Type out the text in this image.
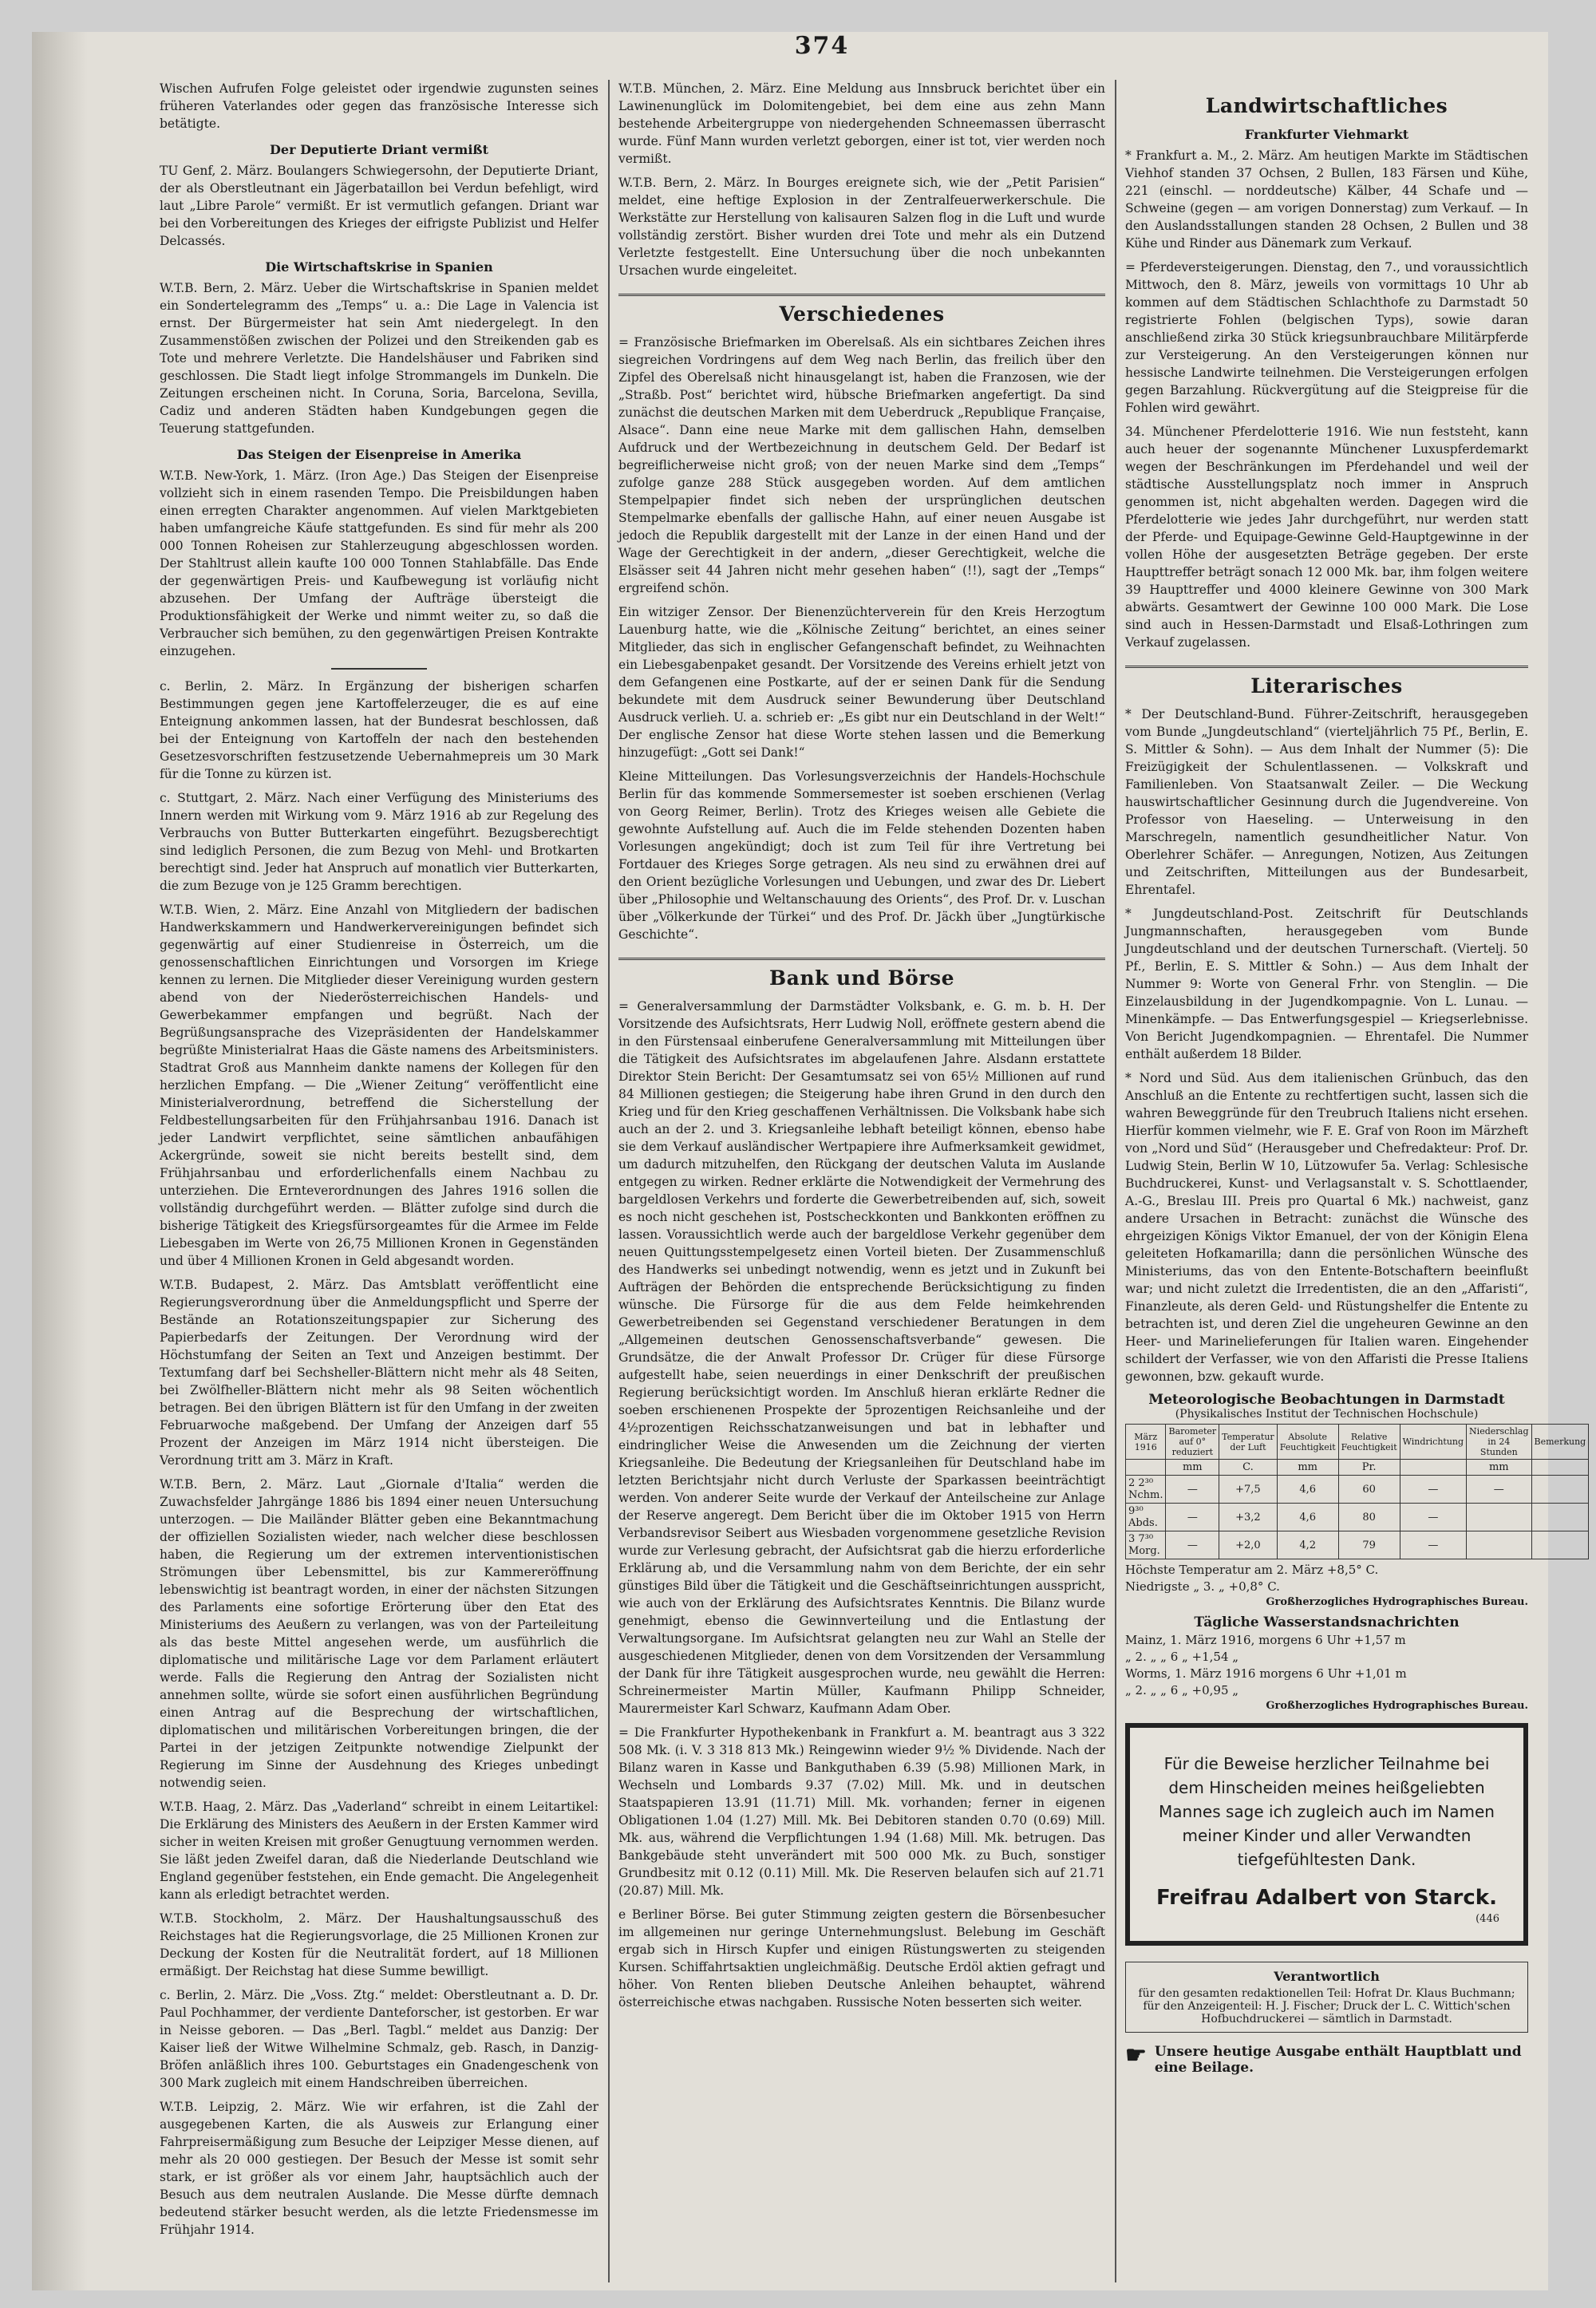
374

Wischen Aufrufen Folge geleistet oder irgendwie zugunsten seines früheren Vaterlandes oder gegen das französische Interesse sich betätigte.

Der Deputierte Driant vermißt

TU Genf, 2. März. Boulangers Schwiegersohn, der Deputierte Driant, der als Oberstleutnant ein Jägerbataillon bei Verdun befehligt, wird laut „Libre Parole“ vermißt. Er ist vermutlich gefangen. Driant war bei den Vorbereitungen des Krieges der eifrigste Publizist und Helfer Delcassés.

Die Wirtschaftskrise in Spanien

W.T.B. Bern, 2. März. Ueber die Wirtschaftskrise in Spanien meldet ein Sondertelegramm des „Temps“ u. a.: Die Lage in Valencia ist ernst. Der Bürgermeister hat sein Amt niedergelegt. In den Zusammenstößen zwischen der Polizei und den Streikenden gab es Tote und mehrere Verletzte. Die Handelshäuser und Fabriken sind geschlossen. Die Stadt liegt infolge Strommangels im Dunkeln. Die Zeitungen erscheinen nicht. In Coruna, Soria, Barcelona, Sevilla, Cadiz und anderen Städten haben Kundgebungen gegen die Teuerung stattgefunden.

Das Steigen der Eisenpreise in Amerika

W.T.B. New-York, 1. März. (Iron Age.) Das Steigen der Eisenpreise vollzieht sich in einem rasenden Tempo. Die Preisbildungen haben einen erregten Charakter angenommen. Auf vielen Marktgebieten haben umfangreiche Käufe stattgefunden. Es sind für mehr als 200 000 Tonnen Roheisen zur Stahlerzeugung abgeschlossen worden. Der Stahltrust allein kaufte 100 000 Tonnen Stahlabfälle. Das Ende der gegenwärtigen Preis- und Kaufbewegung ist vorläufig nicht abzusehen. Der Umfang der Aufträge übersteigt die Produktionsfähigkeit der Werke und nimmt weiter zu, so daß die Verbraucher sich bemühen, zu den gegenwärtigen Preisen Kontrakte einzugehen.

c. Berlin, 2. März. In Ergänzung der bisherigen scharfen Bestimmungen gegen jene Kartoffelerzeuger, die es auf eine Enteignung ankommen lassen, hat der Bundesrat beschlossen, daß bei der Enteignung von Kartoffeln der nach den bestehenden Gesetzesvorschriften festzusetzende Uebernahmepreis um 30 Mark für die Tonne zu kürzen ist.

c. Stuttgart, 2. März. Nach einer Verfügung des Ministeriums des Innern werden mit Wirkung vom 9. März 1916 ab zur Regelung des Verbrauchs von Butter Butterkarten eingeführt. Bezugsberechtigt sind lediglich Personen, die zum Bezug von Mehl- und Brotkarten berechtigt sind. Jeder hat Anspruch auf monatlich vier Butterkarten, die zum Bezuge von je 125 Gramm berechtigen.

W.T.B. Wien, 2. März. Eine Anzahl von Mitgliedern der badischen Handwerkskammern und Handwerkervereinigungen befindet sich gegenwärtig auf einer Studienreise in Österreich, um die genossenschaftlichen Einrichtungen und Vorsorgen im Kriege kennen zu lernen. Die Mitglieder dieser Vereinigung wurden gestern abend von der Niederösterreichischen Handels- und Gewerbekammer empfangen und begrüßt. Nach der Begrüßungsansprache des Vizepräsidenten der Handelskammer begrüßte Ministerialrat Haas die Gäste namens des Arbeitsministers. Stadtrat Groß aus Mannheim dankte namens der Kollegen für den herzlichen Empfang. — Die „Wiener Zeitung“ veröffentlicht eine Ministerialverordnung, betreffend die Sicherstellung der Feldbestellungsarbeiten für den Frühjahrsanbau 1916. Danach ist jeder Landwirt verpflichtet, seine sämtlichen anbaufähigen Ackergründe, soweit sie nicht bereits bestellt sind, dem Frühjahrsanbau und erforderlichenfalls einem Nachbau zu unterziehen. Die Ernteverordnungen des Jahres 1916 sollen die vollständig durchgeführt werden. — Blätter zufolge sind durch die bisherige Tätigkeit des Kriegsfürsorgeamtes für die Armee im Felde Liebesgaben im Werte von 26,75 Millionen Kronen in Gegenständen und über 4 Millionen Kronen in Geld abgesandt worden.

W.T.B. Budapest, 2. März. Das Amtsblatt veröffentlicht eine Regierungsverordnung über die Anmeldungspflicht und Sperre der Bestände an Rotationszeitungspapier zur Sicherung des Papierbedarfs der Zeitungen. Der Verordnung wird der Höchstumfang der Seiten an Text und Anzeigen bestimmt. Der Textumfang darf bei Sechsheller-Blättern nicht mehr als 48 Seiten, bei Zwölfheller-Blättern nicht mehr als 98 Seiten wöchentlich betragen. Bei den übrigen Blättern ist für den Umfang in der zweiten Februarwoche maßgebend. Der Umfang der Anzeigen darf 55 Prozent der Anzeigen im März 1914 nicht übersteigen. Die Verordnung tritt am 3. März in Kraft.

W.T.B. Bern, 2. März. Laut „Giornale d'Italia“ werden die Zuwachsfelder Jahrgänge 1886 bis 1894 einer neuen Untersuchung unterzogen. — Die Mailänder Blätter geben eine Bekanntmachung der offiziellen Sozialisten wieder, nach welcher diese beschlossen haben, die Regierung um der extremen interventionistischen Strömungen über Lebensmittel, bis zur Kammereröffnung lebenswichtig ist beantragt worden, in einer der nächsten Sitzungen des Parlaments eine sofortige Erörterung über den Etat des Ministeriums des Aeußern zu verlangen, was von der Parteileitung als das beste Mittel angesehen werde, um ausführlich die diplomatische und militärische Lage vor dem Parlament erläutert werde. Falls die Regierung den Antrag der Sozialisten nicht annehmen sollte, würde sie sofort einen ausführlichen Begründung einen Antrag auf die Besprechung der wirtschaftlichen, diplomatischen und militärischen Vorbereitungen bringen, die der Partei in der jetzigen Zeitpunkte notwendige Zielpunkt der Regierung im Sinne der Ausdehnung des Krieges unbedingt notwendig seien.

W.T.B. Haag, 2. März. Das „Vaderland“ schreibt in einem Leitartikel: Die Erklärung des Ministers des Aeußern in der Ersten Kammer wird sicher in weiten Kreisen mit großer Genugtuung vernommen werden. Sie läßt jeden Zweifel daran, daß die Niederlande Deutschland wie England gegenüber feststehen, ein Ende gemacht. Die Angelegenheit kann als erledigt betrachtet werden.

W.T.B. Stockholm, 2. März. Der Haushaltungsausschuß des Reichstages hat die Regierungsvorlage, die 25 Millionen Kronen zur Deckung der Kosten für die Neutralität fordert, auf 18 Millionen ermäßigt. Der Reichstag hat diese Summe bewilligt.

c. Berlin, 2. März. Die „Voss. Ztg.“ meldet: Oberstleutnant a. D. Dr. Paul Pochhammer, der verdiente Danteforscher, ist gestorben. Er war in Neisse geboren. — Das „Berl. Tagbl.“ meldet aus Danzig: Der Kaiser ließ der Witwe Wilhelmine Schmalz, geb. Rasch, in Danzig-Bröfen anläßlich ihres 100. Geburtstages ein Gnadengeschenk von 300 Mark zugleich mit einem Handschreiben überreichen.

W.T.B. Leipzig, 2. März. Wie wir erfahren, ist die Zahl der ausgegebenen Karten, die als Ausweis zur Erlangung einer Fahrpreisermäßigung zum Besuche der Leipziger Messe dienen, auf mehr als 20 000 gestiegen. Der Besuch der Messe ist somit sehr stark, er ist größer als vor einem Jahr, hauptsächlich auch der Besuch aus dem neutralen Auslande. Die Messe dürfte demnach bedeutend stärker besucht werden, als die letzte Friedensmesse im Frühjahr 1914.

W.T.B. München, 2. März. Eine Meldung aus Innsbruck berichtet über ein Lawinenunglück im Dolomitengebiet, bei dem eine aus zehn Mann bestehende Arbeitergruppe von niedergehenden Schneemassen überrascht wurde. Fünf Mann wurden verletzt geborgen, einer ist tot, vier werden noch vermißt.

W.T.B. Bern, 2. März. In Bourges ereignete sich, wie der „Petit Parisien“ meldet, eine heftige Explosion in der Zentralfeuerwerkerschule. Die Werkstätte zur Herstellung von kalisauren Salzen flog in die Luft und wurde vollständig zerstört. Bisher wurden drei Tote und mehr als ein Dutzend Verletzte festgestellt. Eine Untersuchung über die noch unbekannten Ursachen wurde eingeleitet.

Verschiedenes

= Französische Briefmarken im Oberelsaß. Als ein sichtbares Zeichen ihres siegreichen Vordringens auf dem Weg nach Berlin, das freilich über den Zipfel des Oberelsaß nicht hinausgelangt ist, haben die Franzosen, wie der „Straßb. Post“ berichtet wird, hübsche Briefmarken angefertigt. Da sind zunächst die deutschen Marken mit dem Ueberdruck „Republique Française, Alsace“. Dann eine neue Marke mit dem gallischen Hahn, demselben Aufdruck und der Wertbezeichnung in deutschem Geld. Der Bedarf ist begreiflicherweise nicht groß; von der neuen Marke sind dem „Temps“ zufolge ganze 288 Stück ausgegeben worden. Auf dem amtlichen Stempelpapier findet sich neben der ursprünglichen deutschen Stempelmarke ebenfalls der gallische Hahn, auf einer neuen Ausgabe ist jedoch die Republik dargestellt mit der Lanze in der einen Hand und der Wage der Gerechtigkeit in der andern, „dieser Gerechtigkeit, welche die Elsässer seit 44 Jahren nicht mehr gesehen haben“ (!!), sagt der „Temps“ ergreifend schön.

Ein witziger Zensor. Der Bienenzüchterverein für den Kreis Herzogtum Lauenburg hatte, wie die „Kölnische Zeitung“ berichtet, an eines seiner Mitglieder, das sich in englischer Gefangenschaft befindet, zu Weihnachten ein Liebesgabenpaket gesandt. Der Vorsitzende des Vereins erhielt jetzt von dem Gefangenen eine Postkarte, auf der er seinen Dank für die Sendung bekundete mit dem Ausdruck seiner Bewunderung über Deutschland Ausdruck verlieh. U. a. schrieb er: „Es gibt nur ein Deutschland in der Welt!“ Der englische Zensor hat diese Worte stehen lassen und die Bemerkung hinzugefügt: „Gott sei Dank!“

Kleine Mitteilungen. Das Vorlesungsverzeichnis der Handels-Hochschule Berlin für das kommende Sommersemester ist soeben erschienen (Verlag von Georg Reimer, Berlin). Trotz des Krieges weisen alle Gebiete die gewohnte Aufstellung auf. Auch die im Felde stehenden Dozenten haben Vorlesungen angekündigt; doch ist zum Teil für ihre Vertretung bei Fortdauer des Krieges Sorge getragen. Als neu sind zu erwähnen drei auf den Orient bezügliche Vorlesungen und Uebungen, und zwar des Dr. Liebert über „Philosophie und Weltanschauung des Orients“, des Prof. Dr. v. Luschan über „Völkerkunde der Türkei“ und des Prof. Dr. Jäckh über „Jungtürkische Geschichte“.

Bank und Börse

= Generalversammlung der Darmstädter Volksbank, e. G. m. b. H. Der Vorsitzende des Aufsichtsrats, Herr Ludwig Noll, eröffnete gestern abend die in den Fürstensaal einberufene Generalversammlung mit Mitteilungen über die Tätigkeit des Aufsichtsrates im abgelaufenen Jahre. Alsdann erstattete Direktor Stein Bericht: Der Gesamtumsatz sei von 65½ Millionen auf rund 84 Millionen gestiegen; die Steigerung habe ihren Grund in den durch den Krieg und für den Krieg geschaffenen Verhältnissen. Die Volksbank habe sich auch an der 2. und 3. Kriegsanleihe lebhaft beteiligt können, ebenso habe sie dem Verkauf ausländischer Wertpapiere ihre Aufmerksamkeit gewidmet, um dadurch mitzuhelfen, den Rückgang der deutschen Valuta im Auslande entgegen zu wirken. Redner erklärte die Notwendigkeit der Vermehrung des bargeldlosen Verkehrs und forderte die Gewerbetreibenden auf, sich, soweit es noch nicht geschehen ist, Postscheckkonten und Bankkonten eröffnen zu lassen. Voraussichtlich werde auch der bargeldlose Verkehr gegenüber dem neuen Quittungsstempelgesetz einen Vorteil bieten. Der Zusammenschluß des Handwerks sei unbedingt notwendig, wenn es jetzt und in Zukunft bei Aufträgen der Behörden die entsprechende Berücksichtigung zu finden wünsche. Die Fürsorge für die aus dem Felde heimkehrenden Gewerbetreibenden sei Gegenstand verschiedener Beratungen in dem „Allgemeinen deutschen Genossenschaftsverbande“ gewesen. Die Grundsätze, die der Anwalt Professor Dr. Crüger für diese Fürsorge aufgestellt habe, seien neuerdings in einer Denkschrift der preußischen Regierung berücksichtigt worden. Im Anschluß hieran erklärte Redner die soeben erschienenen Prospekte der 5prozentigen Reichsanleihe und der 4½prozentigen Reichsschatzanweisungen und bat in lebhafter und eindringlicher Weise die Anwesenden um die Zeichnung der vierten Kriegsanleihe. Die Bedeutung der Kriegsanleihen für Deutschland habe im letzten Berichtsjahr nicht durch Verluste der Sparkassen beeinträchtigt werden. Von anderer Seite wurde der Verkauf der Anteilscheine zur Anlage der Reserve angeregt. Dem Bericht über die im Oktober 1915 von Herrn Verbandsrevisor Seibert aus Wiesbaden vorgenommene gesetzliche Revision wurde zur Verlesung gebracht, der Aufsichtsrat gab die hierzu erforderliche Erklärung ab, und die Versammlung nahm von dem Berichte, der ein sehr günstiges Bild über die Tätigkeit und die Geschäftseinrichtungen ausspricht, wie auch von der Erklärung des Aufsichtsrates Kenntnis. Die Bilanz wurde genehmigt, ebenso die Gewinnverteilung und die Entlastung der Verwaltungsorgane. Im Aufsichtsrat gelangten neu zur Wahl an Stelle der ausgeschiedenen Mitglieder, denen von dem Vorsitzenden der Versammlung der Dank für ihre Tätigkeit ausgesprochen wurde, neu gewählt die Herren: Schreinermeister Martin Müller, Kaufmann Philipp Schneider, Maurermeister Karl Schwarz, Kaufmann Adam Ober.

= Die Frankfurter Hypothekenbank in Frankfurt a. M. beantragt aus 3 322 508 Mk. (i. V. 3 318 813 Mk.) Reingewinn wieder 9½ % Dividende. Nach der Bilanz waren in Kasse und Bankguthaben 6.39 (5.98) Millionen Mark, in Wechseln und Lombards 9.37 (7.02) Mill. Mk. und in deutschen Staatspapieren 13.91 (11.71) Mill. Mk. vorhanden; ferner in eigenen Obligationen 1.04 (1.27) Mill. Mk. Bei Debitoren standen 0.70 (0.69) Mill. Mk. aus, während die Verpflichtungen 1.94 (1.68) Mill. Mk. betrugen. Das Bankgebäude steht unverändert mit 500 000 Mk. zu Buch, sonstiger Grundbesitz mit 0.12 (0.11) Mill. Mk. Die Reserven belaufen sich auf 21.71 (20.87) Mill. Mk.

e Berliner Börse. Bei guter Stimmung zeigten gestern die Börsenbesucher im allgemeinen nur geringe Unternehmungslust. Belebung im Geschäft ergab sich in Hirsch Kupfer und einigen Rüstungswerten zu steigenden Kursen. Schiffahrtsaktien ungleichmäßig. Deutsche Erdöl aktien gefragt und höher. Von Renten blieben Deutsche Anleihen behauptet, während österreichische etwas nachgaben. Russische Noten besserten sich weiter.

Landwirtschaftliches
Frankfurter Viehmarkt

* Frankfurt a. M., 2. März. Am heutigen Markte im Städtischen Viehhof standen 37 Ochsen, 2 Bullen, 183 Färsen und Kühe, 221 (einschl. — norddeutsche) Kälber, 44 Schafe und — Schweine (gegen — am vorigen Donnerstag) zum Verkauf. — In den Auslandsstallungen standen 28 Ochsen, 2 Bullen und 38 Kühe und Rinder aus Dänemark zum Verkauf.

= Pferdeversteigerungen. Dienstag, den 7., und voraussichtlich Mittwoch, den 8. März, jeweils von vormittags 10 Uhr ab kommen auf dem Städtischen Schlachthofe zu Darmstadt 50 registrierte Fohlen (belgischen Typs), sowie daran anschließend zirka 30 Stück kriegsunbrauchbare Militärpferde zur Versteigerung. An den Versteigerungen können nur hessische Landwirte teilnehmen. Die Versteigerungen erfolgen gegen Barzahlung. Rückvergütung auf die Steigpreise für die Fohlen wird gewährt.

34. Münchener Pferdelotterie 1916. Wie nun feststeht, kann auch heuer der sogenannte Münchener Luxuspferdemarkt wegen der Beschränkungen im Pferdehandel und weil der städtische Ausstellungsplatz noch immer in Anspruch genommen ist, nicht abgehalten werden. Dagegen wird die Pferdelotterie wie jedes Jahr durchgeführt, nur werden statt der Pferde- und Equipage-Gewinne Geld-Hauptgewinne in der vollen Höhe der ausgesetzten Beträge gegeben. Der erste Haupttreffer beträgt sonach 12 000 Mk. bar, ihm folgen weitere 39 Haupttreffer und 4000 kleinere Gewinne von 300 Mark abwärts. Gesamtwert der Gewinne 100 000 Mark. Die Lose sind auch in Hessen-Darmstadt und Elsaß-Lothringen zum Verkauf zugelassen.

Literarisches

* Der Deutschland-Bund. Führer-Zeitschrift, herausgegeben vom Bunde „Jungdeutschland“ (vierteljährlich 75 Pf., Berlin, E. S. Mittler & Sohn). — Aus dem Inhalt der Nummer (5): Die Freizügigkeit der Schulentlassenen. — Volkskraft und Familienleben. Von Staatsanwalt Zeiler. — Die Weckung hauswirtschaftlicher Gesinnung durch die Jugendvereine. Von Professor von Haeseling. — Unterweisung in den Marschregeln, namentlich gesundheitlicher Natur. Von Oberlehrer Schäfer. — Anregungen, Notizen, Aus Zeitungen und Zeitschriften, Mitteilungen aus der Bundesarbeit, Ehrentafel.

* Jungdeutschland-Post. Zeitschrift für Deutschlands Jungmannschaften, herausgegeben vom Bunde Jungdeutschland und der deutschen Turnerschaft. (Viertelj. 50 Pf., Berlin, E. S. Mittler & Sohn.) — Aus dem Inhalt der Nummer 9: Worte von General Frhr. von Stenglin. — Die Einzelausbildung in der Jugendkompagnie. Von L. Lunau. — Minenkämpfe. — Das Entwerfungsgespiel — Kriegserlebnisse. Von Bericht Jugendkompagnien. — Ehrentafel. Die Nummer enthält außerdem 18 Bilder.

* Nord und Süd. Aus dem italienischen Grünbuch, das den Anschluß an die Entente zu rechtfertigen sucht, lassen sich die wahren Beweggründe für den Treubruch Italiens nicht ersehen. Hierfür kommen vielmehr, wie F. E. Graf von Roon im Märzheft von „Nord und Süd“ (Herausgeber und Chefredakteur: Prof. Dr. Ludwig Stein, Berlin W 10, Lützowufer 5a. Verlag: Schlesische Buchdruckerei, Kunst- und Verlagsanstalt v. S. Schottlaender, A.-G., Breslau III. Preis pro Quartal 6 Mk.) nachweist, ganz andere Ursachen in Betracht: zunächst die Wünsche des ehrgeizigen Königs Viktor Emanuel, der von der Königin Elena geleiteten Hofkamarilla; dann die persönlichen Wünsche des Ministeriums, das von den Entente-Botschaftern beeinflußt war; und nicht zuletzt die Irredentisten, die an den „Affaristi“, Finanzleute, als deren Geld- und Rüstungshelfer die Entente zu betrachten ist, und deren Ziel die ungeheuren Gewinne an den Heer- und Marinelieferungen für Italien waren. Eingehender schildert der Verfasser, wie von den Affaristi die Presse Italiens gewonnen, bzw. gekauft wurde.

Meteorologische Beobachtungen in Darmstadt
(Physikalisches Institut der Technischen Hochschule)
März 1916	Barometer auf 0° reduziert	Temperatur der Luft	Absolute Feuchtigkeit	Relative Feuchtigkeit	Windrichtung	Niederschlag in 24 Stunden	Bemerkung
	mm	C.	mm	Pr.		mm	
2 2³⁰ Nchm.	—	+7,5	4,6	60	—	—	
9³⁰ Abds.	—	+3,2	4,6	80	—		
3 7³⁰ Morg.	—	+2,0	4,2	79	—		
Höchste Temperatur am 2. März +8,5° C.
Niedrigste „ 3. „ +0,8° C.
Großherzogliches Hydrographisches Bureau.
Tägliche Wasserstandsnachrichten
Mainz, 1. März 1916, morgens 6 Uhr +1,57 m
„ 2. „ „ 6 „ +1,54 „
Worms, 1. März 1916 morgens 6 Uhr +1,01 m
„ 2. „ „ 6 „ +0,95 „
Großherzogliches Hydrographisches Bureau.
Für die Beweise herzlicher Teilnahme bei dem Hinscheiden meines heißgeliebten Mannes sage ich zugleich auch im Namen meiner Kinder und aller Verwandten tiefgefühltesten Dank.
Freifrau Adalbert von Starck.
(446
Verantwortlich
für den gesamten redaktionellen Teil: Hofrat Dr. Klaus Buchmann; für den Anzeigenteil: H. J. Fischer; Druck der L. C. Wittich'schen Hofbuchdruckerei — sämtlich in Darmstadt.
☛ Unsere heutige Ausgabe enthält Hauptblatt und eine Beilage.
